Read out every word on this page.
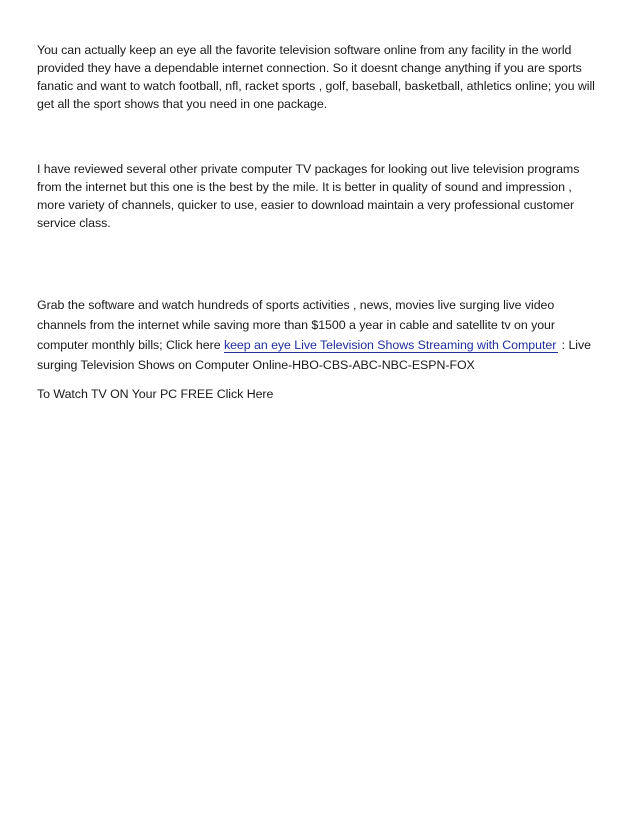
You can actually keep an eye all the favorite television software online from any facility in the world provided they have a dependable internet connection. So it doesnt change anything if you are sports fanatic and want to watch football, nfl, racket sports , golf, baseball, basketball, athletics online; you will get all the sport shows that you need in one package.

I have reviewed several other private computer TV packages for looking out live television programs from the internet but this one is the best by the mile. It is better in quality of sound and impression , more variety of channels, quicker to use, easier to download maintain a very professional customer service class.

Grab the software and watch hundreds of sports activities , news, movies live surging live video channels from the internet while saving more than $1500 a year in cable and satellite tv on your computer monthly bills; Click here keep an eye Live Television Shows Streaming with Computer : Live surging Television Shows on Computer Online-HBO-CBS-ABC-NBC-ESPN-FOX

To Watch TV ON Your PC FREE Click Here
